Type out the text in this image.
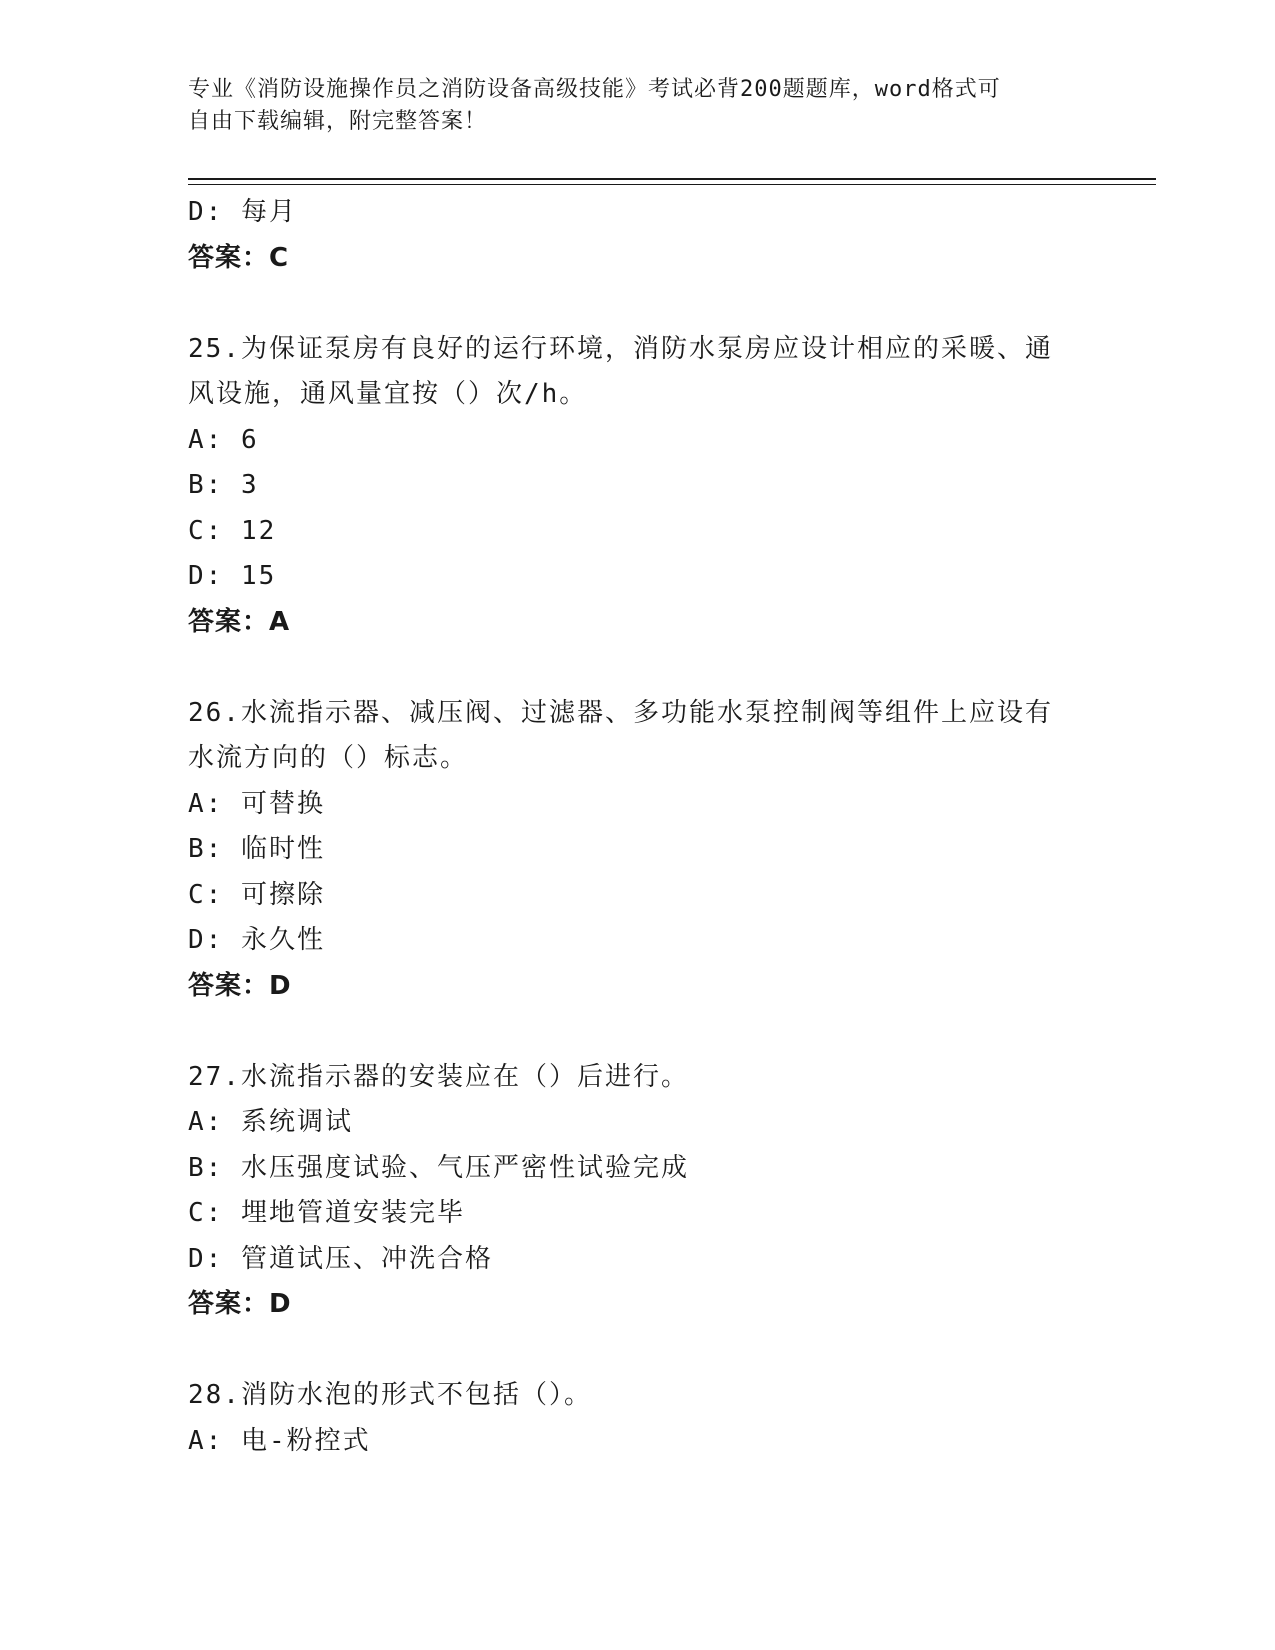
专业《消防设施操作员之消防设备高级技能》考试必背200题题库，word格式可
自由下载编辑，附完整答案！
D: 每月
答案：C
25.为保证泵房有良好的运行环境，消防水泵房应设计相应的采暖、通
风设施，通风量宜按（）次/h。
A: 6
B: 3
C: 12
D: 15
答案：A
26.水流指示器、减压阀、过滤器、多功能水泵控制阀等组件上应设有
水流方向的（）标志。
A: 可替换
B: 临时性
C: 可擦除
D: 永久性
答案：D
27.水流指示器的安装应在（）后进行。
A: 系统调试
B: 水压强度试验、气压严密性试验完成
C: 埋地管道安装完毕
D: 管道试压、冲洗合格
答案：D
28.消防水泡的形式不包括（）。
A: 电-粉控式
